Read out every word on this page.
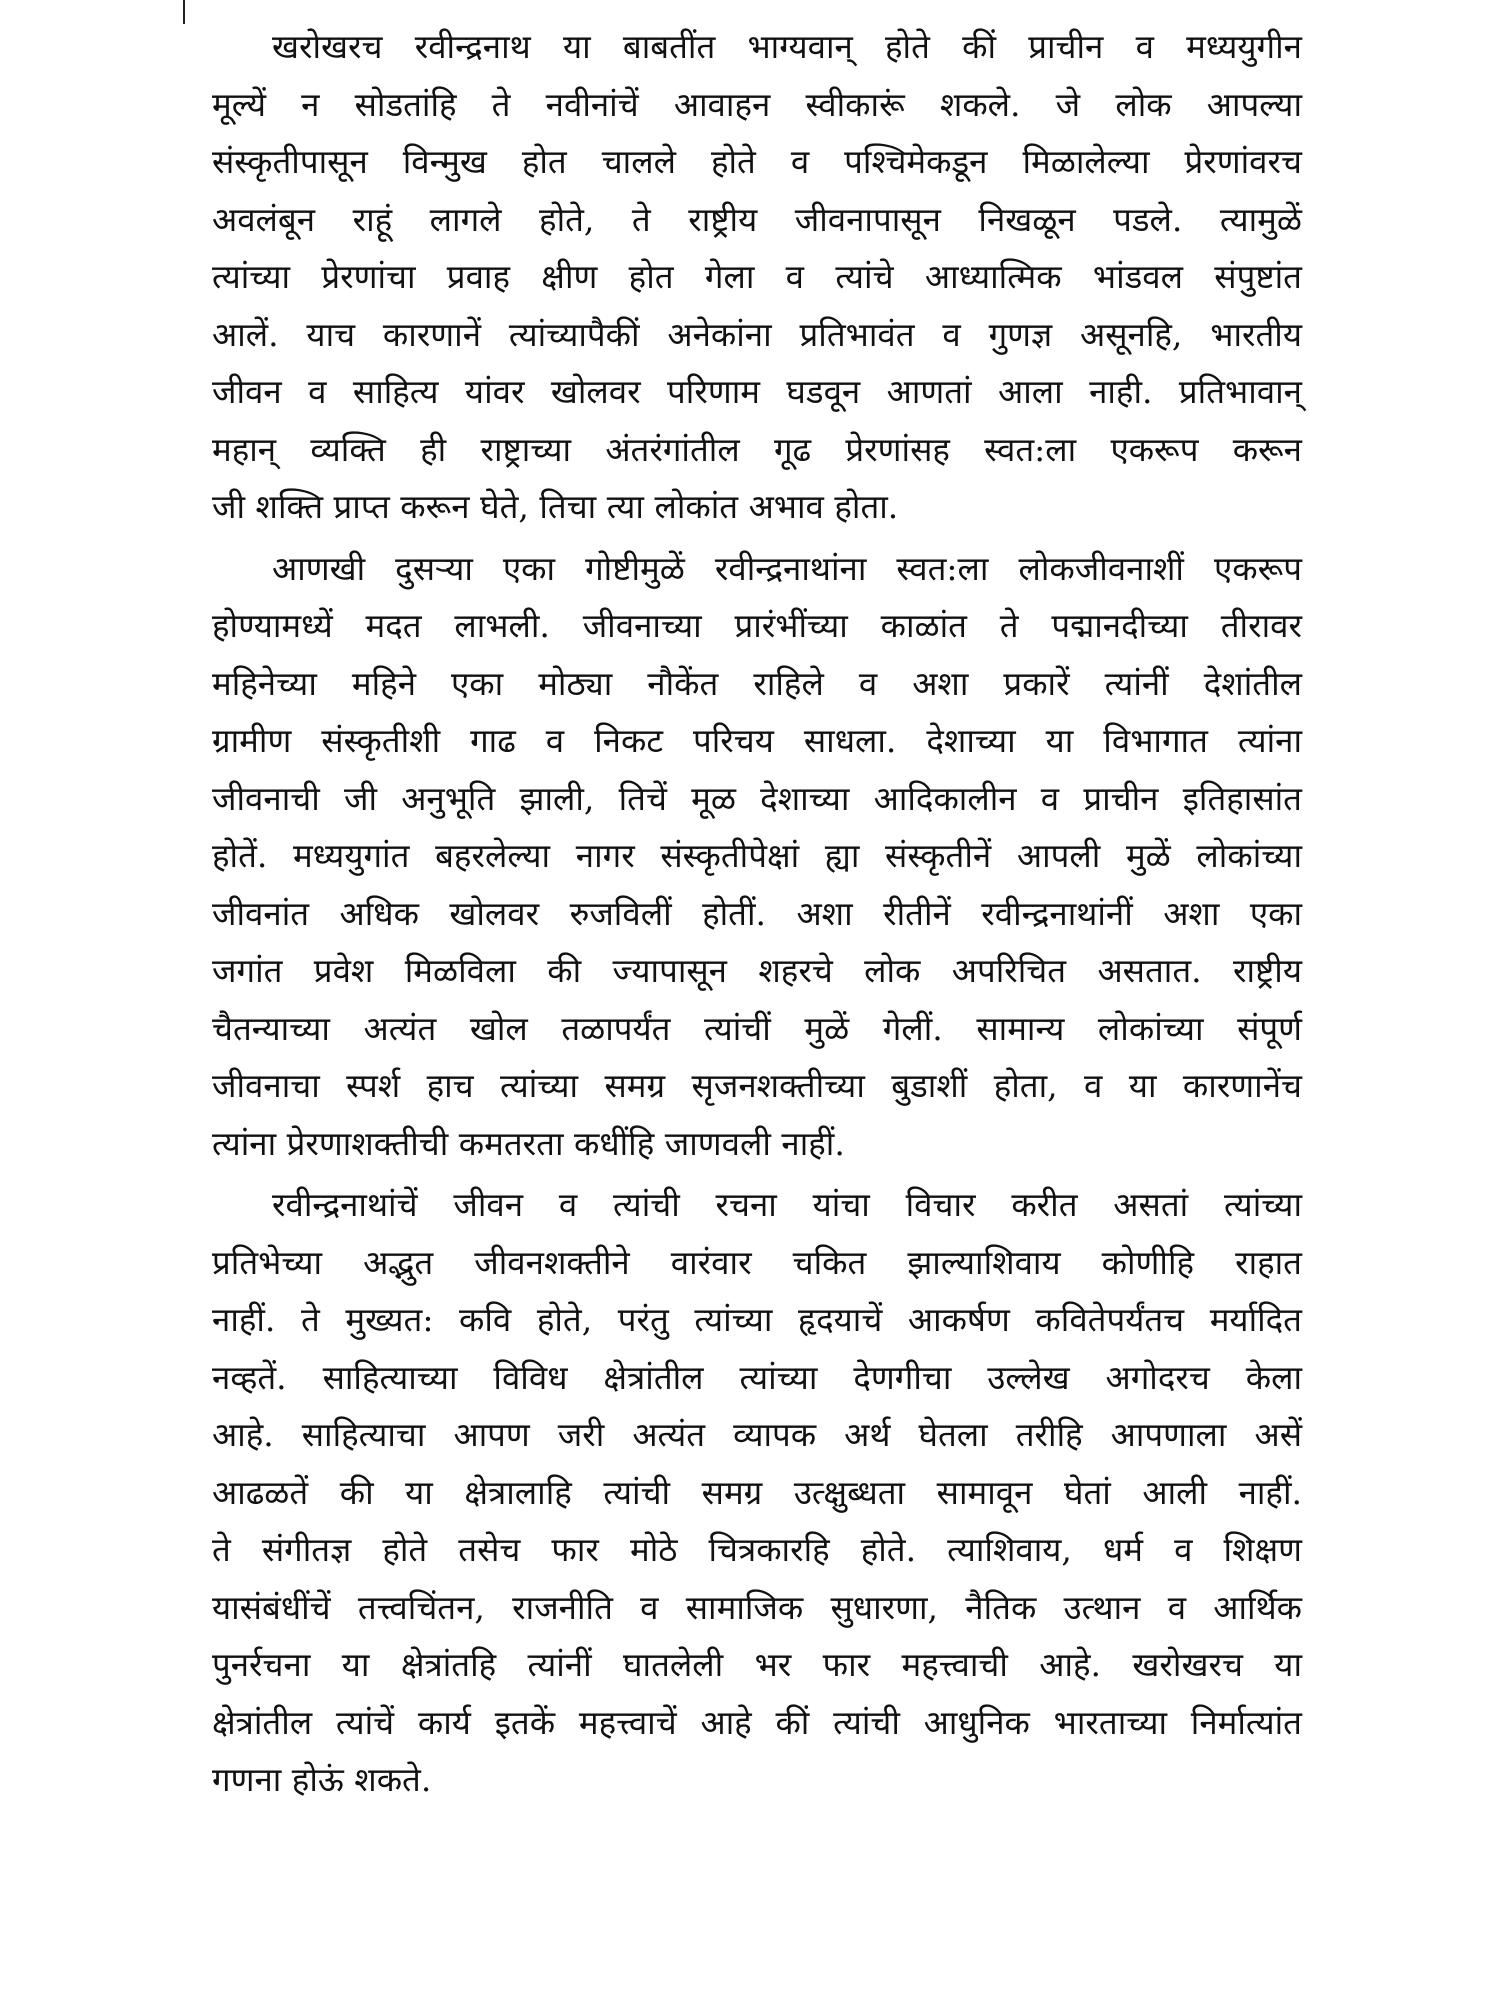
खरोखरच रवीन्द्रनाथ या बाबतींत भाग्यवान् होते कीं प्राचीन व मध्ययुगीन
मूल्यें न सोडतांहि ते नवीनांचें आवाहन स्वीकारूं शकले. जे लोक आपल्या
संस्कृतीपासून विन्मुख होत चालले होते व पश्चिमेकडून मिळालेल्या प्रेरणांवरच
अवलंबून राहूं लागले होते, ते राष्ट्रीय जीवनापासून निखळून पडले. त्यामुळें
त्यांच्या प्रेरणांचा प्रवाह क्षीण होत गेला व त्यांचे आध्यात्मिक भांडवल संपुष्टांत
आलें. याच कारणानें त्यांच्यापैकीं अनेकांना प्रतिभावंत व गुणज्ञ असूनहि, भारतीय
जीवन व साहित्य यांवर खोलवर परिणाम घडवून आणतां आला नाही. प्रतिभावान्
महान् व्यक्ति ही राष्ट्राच्या अंतरंगांतील गूढ प्रेरणांसह स्वत:ला एकरूप करून
जी शक्ति प्राप्त करून घेते, तिचा त्या लोकांत अभाव होता.
आणखी दुसऱ्या एका गोष्टीमुळें रवीन्द्रनाथांना स्वत:ला लोकजीवनाशीं एकरूप
होण्यामध्यें मदत लाभली. जीवनाच्या प्रारंभींच्या काळांत ते पद्मानदीच्या तीरावर
महिनेच्या महिने एका मोठ्या नौकेंत राहिले व अशा प्रकारें त्यांनीं देशांतील
ग्रामीण संस्कृतीशी गाढ व निकट परिचय साधला. देशाच्या या विभागात त्यांना
जीवनाची जी अनुभूति झाली, तिचें मूळ देशाच्या आदिकालीन व प्राचीन इतिहासांत
होतें. मध्ययुगांत बहरलेल्या नागर संस्कृतीपेक्षां ह्या संस्कृतीनें आपली मुळें लोकांच्या
जीवनांत अधिक खोलवर रुजविलीं होतीं. अशा रीतीनें रवीन्द्रनाथांनीं अशा एका
जगांत प्रवेश मिळविला की ज्यापासून शहरचे लोक अपरिचित असतात. राष्ट्रीय
चैतन्याच्या अत्यंत खोल तळापर्यंत त्यांचीं मुळें गेलीं. सामान्य लोकांच्या संपूर्ण
जीवनाचा स्पर्श हाच त्यांच्या समग्र सृजनशक्तीच्या बुडाशीं होता, व या कारणानेंच
त्यांना प्रेरणाशक्तीची कमतरता कधींहि जाणवली नाहीं.
रवीन्द्रनाथांचें जीवन व त्यांची रचना यांचा विचार करीत असतां त्यांच्या
प्रतिभेच्या अद्भुत जीवनशक्तीने वारंवार चकित झाल्याशिवाय कोणीहि राहात
नाहीं. ते मुख्यत: कवि होते, परंतु त्यांच्या हृदयाचें आकर्षण कवितेपर्यंतच मर्यादित
नव्हतें. साहित्याच्या विविध क्षेत्रांतील त्यांच्या देणगीचा उल्लेख अगोदरच केला
आहे. साहित्याचा आपण जरी अत्यंत व्यापक अर्थ घेतला तरीहि आपणाला असें
आढळतें की या क्षेत्रालाहि त्यांची समग्र उत्क्षुब्धता सामावून घेतां आली नाहीं.
ते संगीतज्ञ होते तसेच फार मोठे चित्रकारहि होते. त्याशिवाय, धर्म व शिक्षण
यासंबंधींचें तत्त्वचिंतन, राजनीति व सामाजिक सुधारणा, नैतिक उत्थान व आर्थिक
पुनर्रचना या क्षेत्रांतहि त्यांनीं घातलेली भर फार महत्त्वाची आहे. खरोखरच या
क्षेत्रांतील त्यांचें कार्य इतकें महत्त्वाचें आहे कीं त्यांची आधुनिक भारताच्या निर्मात्यांत
गणना होऊं शकते.
